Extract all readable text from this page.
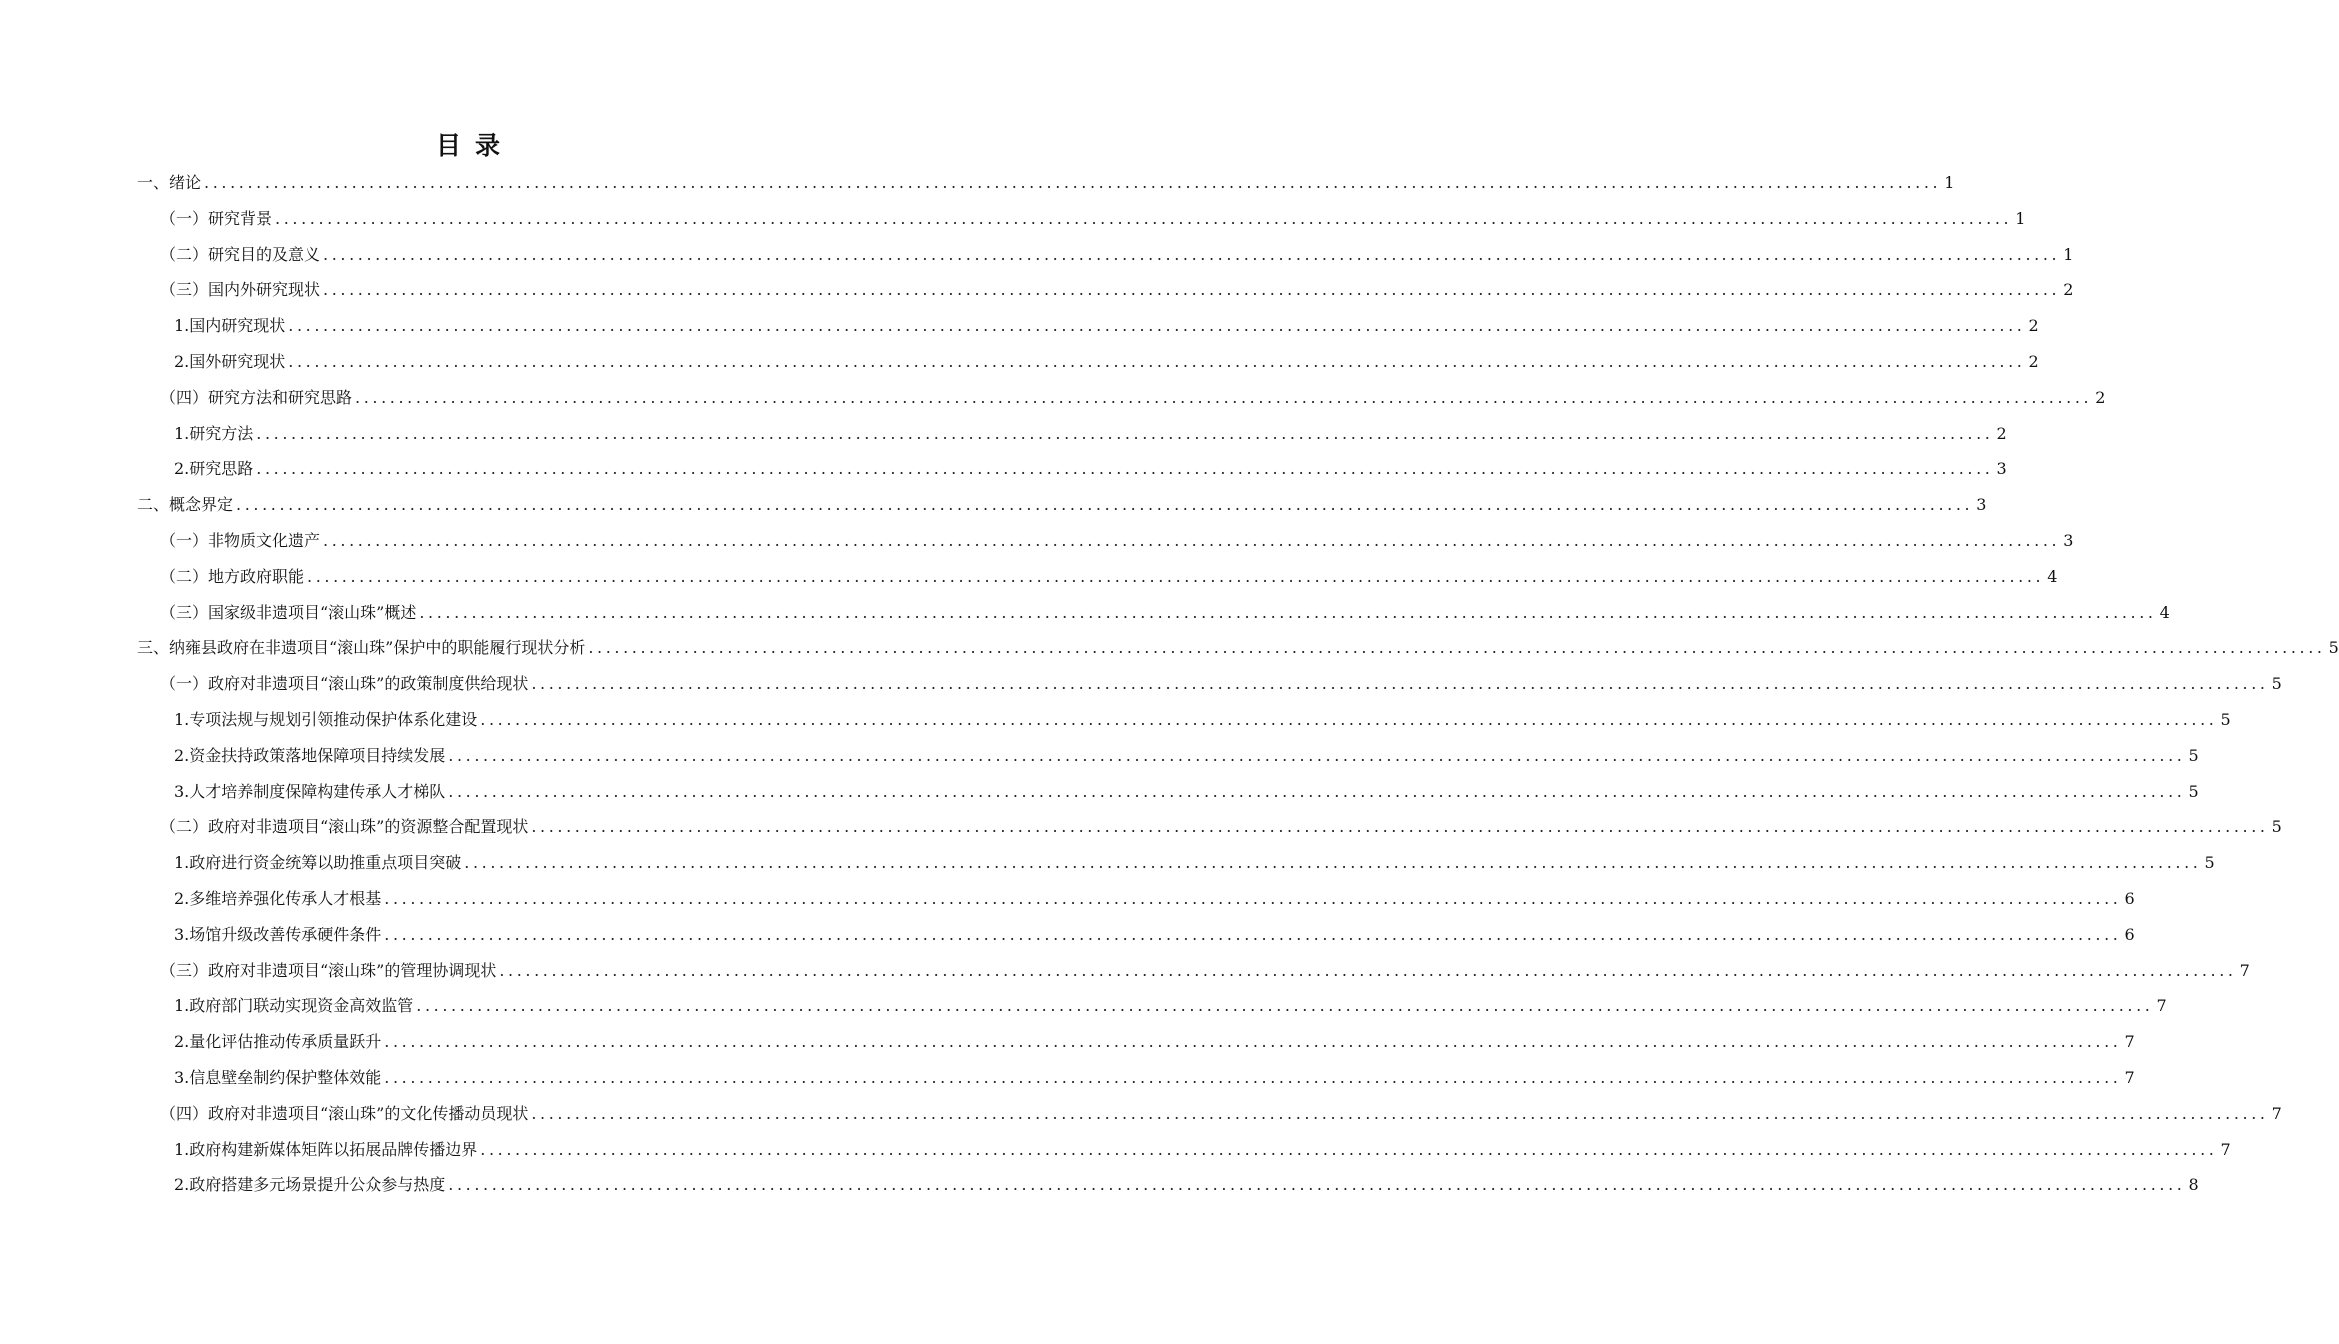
目录
一、绪论 ........................................................................................................................................................................................................ 1
（一）研究背景 ........................................................................................................................................................................................................ 1
（二）研究目的及意义 ........................................................................................................................................................................................................ 1
（三）国内外研究现状 ........................................................................................................................................................................................................ 2
1.国内研究现状 ........................................................................................................................................................................................................ 2
2.国外研究现状 ........................................................................................................................................................................................................ 2
（四）研究方法和研究思路 ........................................................................................................................................................................................................ 2
1.研究方法 ........................................................................................................................................................................................................ 2
2.研究思路 ........................................................................................................................................................................................................ 3
二、概念界定 ........................................................................................................................................................................................................ 3
（一）非物质文化遗产 ........................................................................................................................................................................................................ 3
（二）地方政府职能 ........................................................................................................................................................................................................ 4
（三）国家级非遗项目“滚山珠”概述 ........................................................................................................................................................................................................ 4
三、纳雍县政府在非遗项目“滚山珠”保护中的职能履行现状分析 ........................................................................................................................................................................................................ 5
（一）政府对非遗项目“滚山珠”的政策制度供给现状 ........................................................................................................................................................................................................ 5
1.专项法规与规划引领推动保护体系化建设 ........................................................................................................................................................................................................ 5
2.资金扶持政策落地保障项目持续发展 ........................................................................................................................................................................................................ 5
3.人才培养制度保障构建传承人才梯队 ........................................................................................................................................................................................................ 5
（二）政府对非遗项目“滚山珠”的资源整合配置现状 ........................................................................................................................................................................................................ 5
1.政府进行资金统筹以助推重点项目突破 ........................................................................................................................................................................................................ 5
2.多维培养强化传承人才根基 ........................................................................................................................................................................................................ 6
3.场馆升级改善传承硬件条件 ........................................................................................................................................................................................................ 6
（三）政府对非遗项目“滚山珠”的管理协调现状 ........................................................................................................................................................................................................ 7
1.政府部门联动实现资金高效监管 ........................................................................................................................................................................................................ 7
2.量化评估推动传承质量跃升 ........................................................................................................................................................................................................ 7
3.信息壁垒制约保护整体效能 ........................................................................................................................................................................................................ 7
（四）政府对非遗项目“滚山珠”的文化传播动员现状 ........................................................................................................................................................................................................ 7
1.政府构建新媒体矩阵以拓展品牌传播边界 ........................................................................................................................................................................................................ 7
2.政府搭建多元场景提升公众参与热度 ........................................................................................................................................................................................................ 8
